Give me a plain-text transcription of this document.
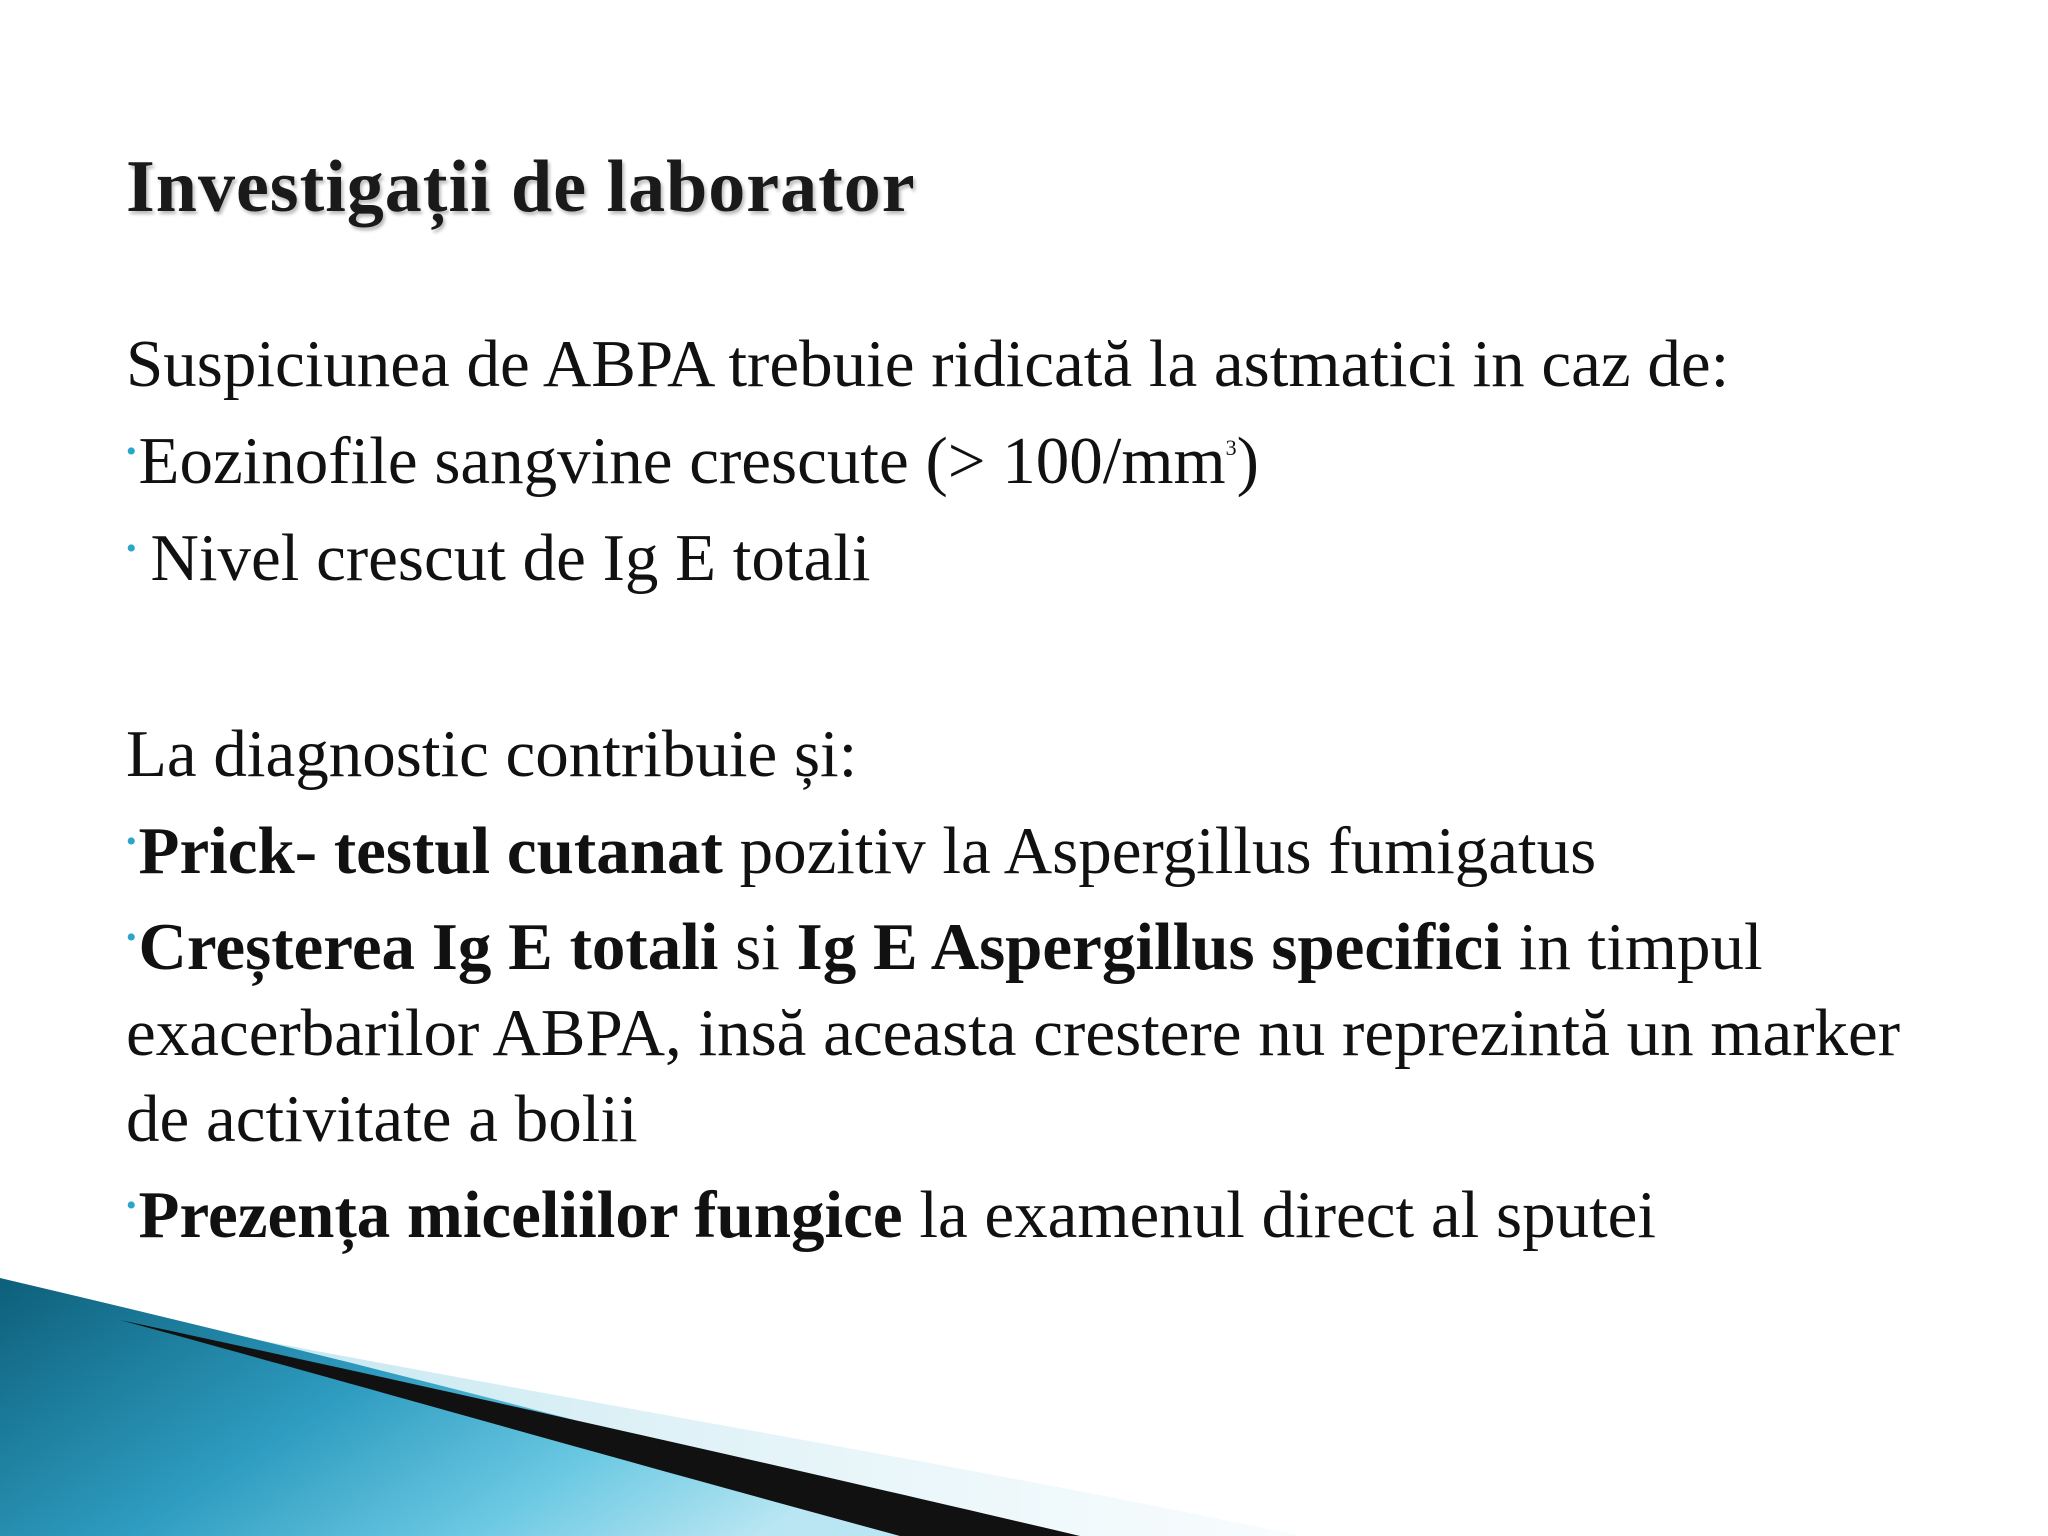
Investigații de laborator

Suspiciunea de ABPA trebuie ridicată la astmatici in caz de:

•Eozinofile sangvine crescute (> $100/mm^3$)

• Nivel crescut de Ig E totali

La diagnostic contribuie și:

•Prick- testul cutanat pozitiv la Aspergillus fumigatus

•Creșterea Ig E totali si Ig E Aspergillus specifici in timpul exacerbarilor ABPA, insă aceasta crestere nu reprezintă un marker de activitate a bolii

•Prezența miceliilor fungice la examenul direct al sputei
